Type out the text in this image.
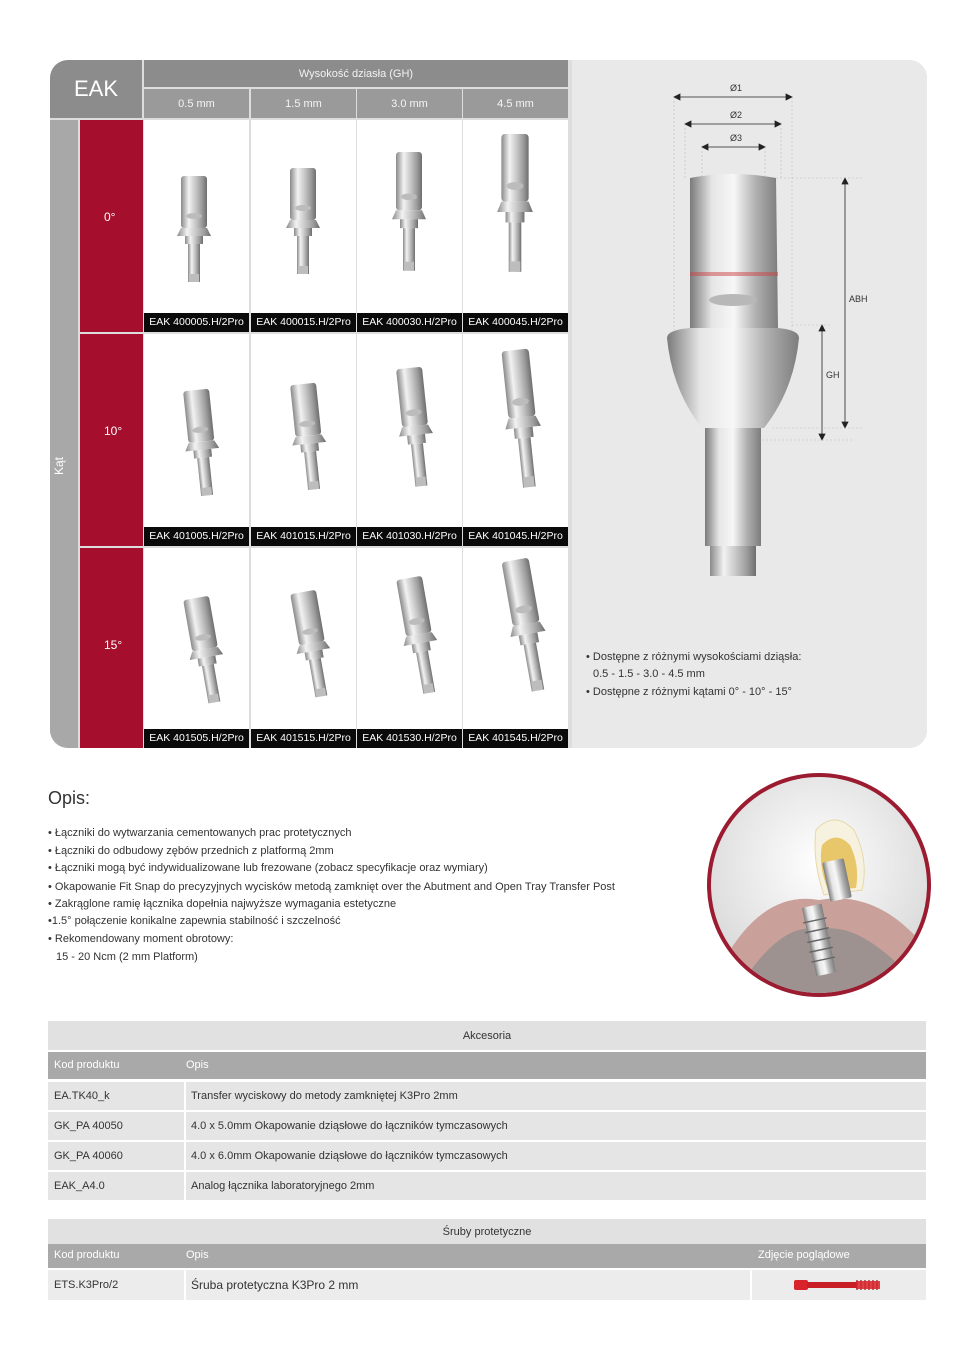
EAK
Wysokość dziasła (GH)
0.5 mm	1.5 mm	3.0 mm	4.5 mm
Kąt
0°
EAK 400005.H/2Pro	EAK 400015.H/2Pro	EAK 400030.H/2Pro	EAK 400045.H/2Pro
10°
EAK 401005.H/2Pro	EAK 401015.H/2Pro	EAK 401030.H/2Pro	EAK 401045.H/2Pro
15°
EAK 401505.H/2Pro	EAK 401515.H/2Pro	EAK 401530.H/2Pro	EAK 401545.H/2Pro
Ø1
Ø2
Ø3
ABH
GH
• Dostępne z różnymi wysokościami dziąsła:
0.5 - 1.5 - 3.0 - 4.5 mm
• Dostępne z różnymi kątami 0° - 10° - 15°
Opis:
• Łączniki do wytwarzania cementowanych prac protetycznych
• Łączniki do odbudowy zębów przednich z platformą 2mm
• Łączniki mogą być indywidualizowane lub frezowane (zobacz specyfikacje oraz wymiary)
• Okapowanie Fit Snap do precyzyjnych wycisków metodą zamknięt over the Abutment and Open Tray Transfer Post
• Zakrąglone ramię łącznika dopełnia najwyższe wymagania estetyczne
•1.5° połączenie konikalne zapewnia stabilność i szczelność
• Rekomendowany moment obrotowy:
15 - 20 Ncm (2 mm Platform)
Akcesoria
Kod produktu	Opis
EA.TK40_k	Transfer wyciskowy do metody zamkniętej K3Pro 2mm
GK_PA 40050	4.0 x 5.0mm Okapowanie dziąsłowe do łączników tymczasowych
GK_PA 40060	4.0 x 6.0mm Okapowanie dziąsłowe do łączników tymczasowych
EAK_A4.0	Analog łącznika laboratoryjnego 2mm
Śruby protetyczne
Kod produktu	Opis	Zdjęcie poglądowe
ETS.K3Pro/2	Śruba protetyczna K3Pro 2 mm
